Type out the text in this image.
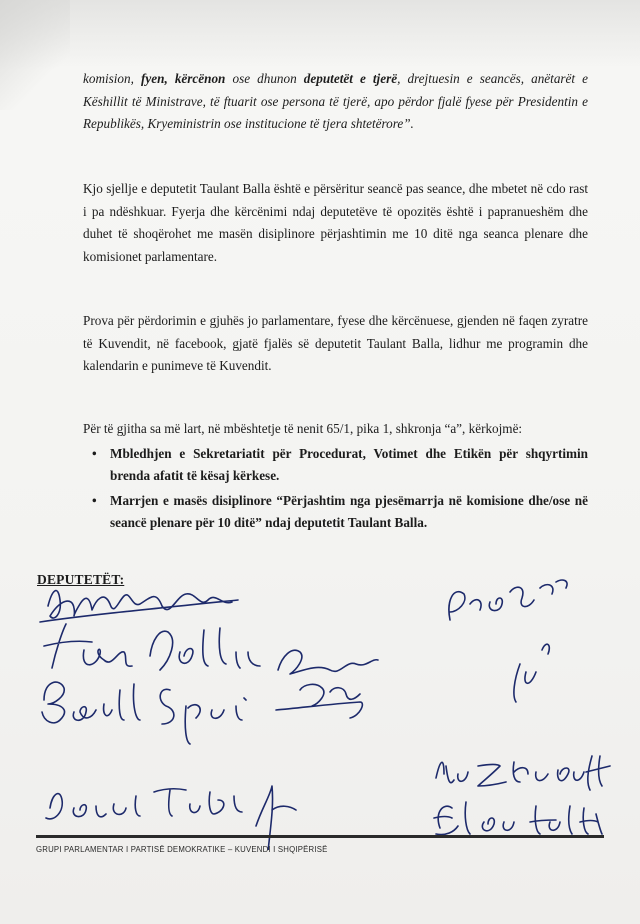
komision, fyen, kërcënon ose dhunon deputetët e tjerë, drejtuesin e seancës, anëtarët e Këshillit të Ministrave, të ftuarit ose persona të tjerë, apo përdor fjalë fyese për Presidentin e Republikës, Kryeministrin ose institucione të tjera shtetërore”.
Kjo sjellje e deputetit Taulant Balla është e përsëritur seancë pas seance, dhe mbetet në cdo rast i pa ndëshkuar. Fyerja dhe kërcënimi ndaj deputetëve të opozitës është i papranueshëm dhe duhet të shoqërohet me masën disiplinore përjashtimin me 10 ditë nga seanca plenare dhe komisionet parlamentare.
Prova për përdorimin e gjuhës jo parlamentare, fyese dhe kërcënuese, gjenden në faqen zyratre të Kuvendit, në facebook, gjatë fjalës së deputetit Taulant Balla, lidhur me programin dhe kalendarin e punimeve të Kuvendit.
Për të gjitha sa më lart, në mbështetje të nenit 65/1, pika 1, shkronja “a”, kërkojmë:
• Mbledhjen e Sekretariatit për Procedurat, Votimet dhe Etikën për shqyrtimin brenda afatit të kësaj kërkese.
• Marrjen e masës disiplinore “Përjashtim nga pjesëmarrja në komisione dhe/ose në seancë plenare për 10 ditë” ndaj deputetit Taulant Balla.
DEPUTETËT:
GRUPI PARLAMENTAR I PARTISË DEMOKRATIKE – KUVENDI I SHQIPËRISË
